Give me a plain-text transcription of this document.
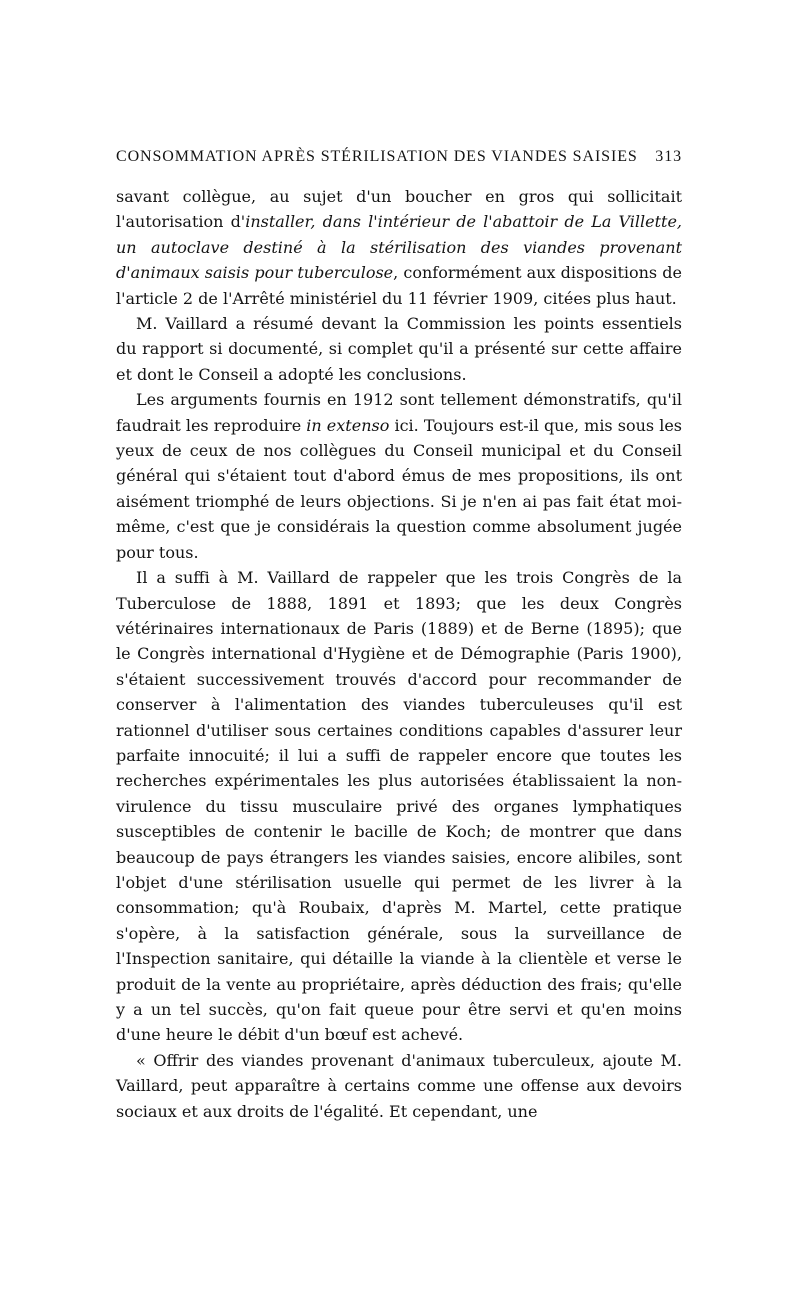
CONSOMMATION APRÈS STÉRILISATION DES VIANDES SAISIES 313

savant collègue, au sujet d'un boucher en gros qui sollicitait l'autorisation d'installer, dans l'intérieur de l'abattoir de La Villette, un autoclave destiné à la stérilisation des viandes provenant d'animaux saisis pour tuberculose, conformément aux dispositions de l'article 2 de l'Arrêté ministériel du 11 février 1909, citées plus haut.

M. Vaillard a résumé devant la Commission les points essentiels du rapport si documenté, si complet qu'il a présenté sur cette affaire et dont le Conseil a adopté les conclusions.

Les arguments fournis en 1912 sont tellement démonstratifs, qu'il faudrait les reproduire in extenso ici. Toujours est-il que, mis sous les yeux de ceux de nos collègues du Conseil municipal et du Conseil général qui s'étaient tout d'abord émus de mes propositions, ils ont aisément triomphé de leurs objections. Si je n'en ai pas fait état moi-même, c'est que je considérais la question comme absolument jugée pour tous.

Il a suffi à M. Vaillard de rappeler que les trois Congrès de la Tuberculose de 1888, 1891 et 1893; que les deux Congrès vétérinaires internationaux de Paris (1889) et de Berne (1895); que le Congrès international d'Hygiène et de Démographie (Paris 1900), s'étaient successivement trouvés d'accord pour recommander de conserver à l'alimentation des viandes tuberculeuses qu'il est rationnel d'utiliser sous certaines conditions capables d'assurer leur parfaite innocuité; il lui a suffi de rappeler encore que toutes les recherches expérimentales les plus autorisées établissaient la non-virulence du tissu musculaire privé des organes lymphatiques susceptibles de contenir le bacille de Koch; de montrer que dans beaucoup de pays étrangers les viandes saisies, encore alibiles, sont l'objet d'une stérilisation usuelle qui permet de les livrer à la consommation; qu'à Roubaix, d'après M. Martel, cette pratique s'opère, à la satisfaction générale, sous la surveillance de l'Inspection sanitaire, qui détaille la viande à la clientèle et verse le produit de la vente au propriétaire, après déduction des frais; qu'elle y a un tel succès, qu'on fait queue pour être servi et qu'en moins d'une heure le débit d'un bœuf est achevé.

« Offrir des viandes provenant d'animaux tuberculeux, ajoute M. Vaillard, peut apparaître à certains comme une offense aux devoirs sociaux et aux droits de l'égalité. Et cependant, une
